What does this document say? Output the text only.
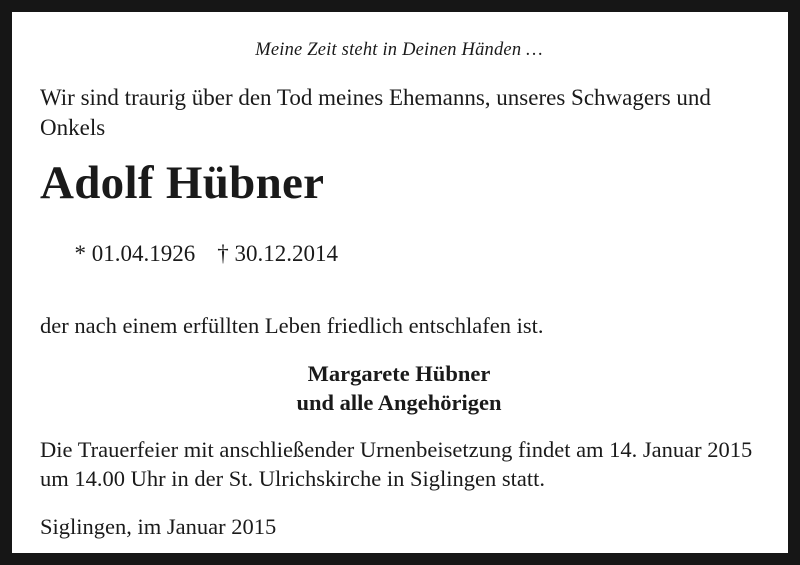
Meine Zeit steht in Deinen Händen …
Wir sind traurig über den Tod meines Ehemanns, unseres Schwagers und Onkels
Adolf Hübner

* 01.04.1926 † 30.12.2014

der nach einem erfüllten Leben friedlich entschlafen ist.
Margarete Hübner
und alle Angehörigen
Die Trauerfeier mit anschließender Urnenbeisetzung findet am 14. Januar 2015 um 14.00 Uhr in der St. Ulrichskirche in Siglingen statt.
Siglingen, im Januar 2015
